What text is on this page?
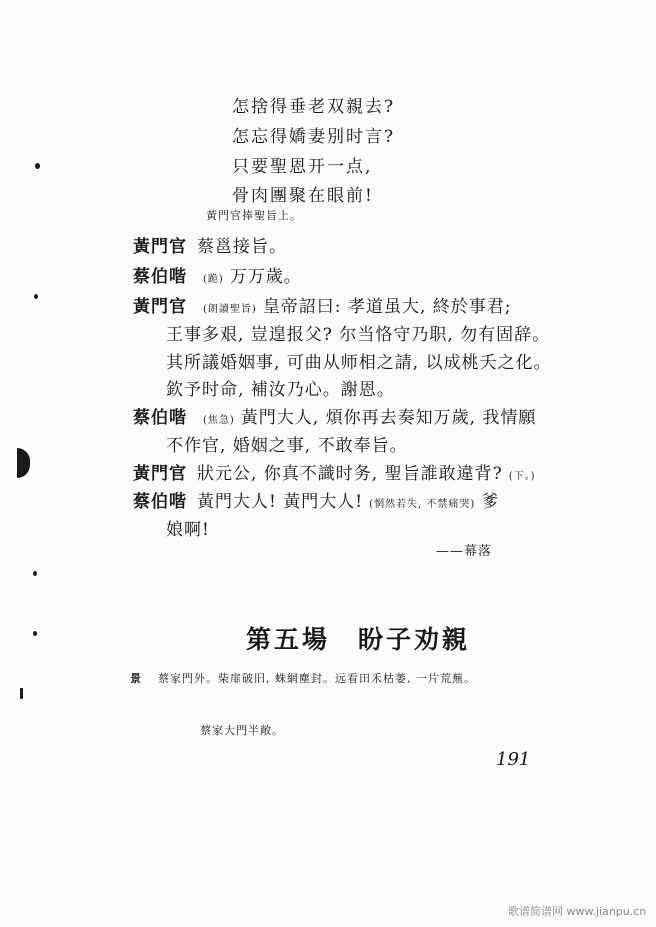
怎捨得垂老双親去?
怎忘得嬌妻別时言?
只要聖恩开一点,
骨肉團聚在眼前!
黃門官捧聖旨上。
黃門官 蔡邕接旨。
蔡伯喈 (跪) 万万歲。
黃門官 (朗讀聖旨) 皇帝詔曰: 孝道虽大, 終於事君;
王事多艰, 豈遑报父? 尔当恪守乃职, 勿有固辞。
其所議婚姻事, 可曲从师相之請, 以成桃夭之化。
欽予时命, 補汝乃心。謝恩。
蔡伯喈 (焦急) 黃門大人, 煩你再去奏知万歲, 我情願
不作官, 婚姻之事, 不敢奉旨。
黃門官 狀元公, 你真不識时务, 聖旨誰敢違背? (下。)
蔡伯喈 黃門大人! 黃門大人! (惘然若失, 不禁痛哭) 爹
娘啊!
——幕落
第五場　盼子劝親
景 蔡家門外。柴扉破旧, 蛛網塵封。远看田禾枯萎, 一片荒蕪。
蔡家大門半敞。
191
歌谱简谱网 www.jianpu.cn
